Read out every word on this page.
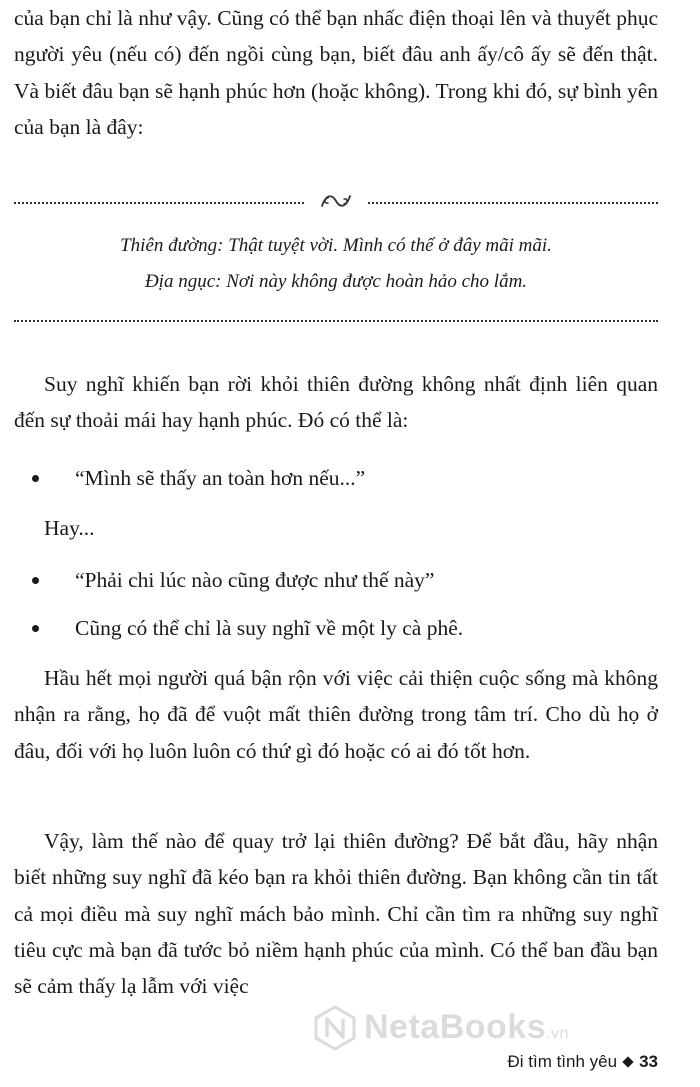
của bạn chỉ là như vậy. Cũng có thể bạn nhấc điện thoại lên và thuyết phục người yêu (nếu có) đến ngồi cùng bạn, biết đâu anh ấy/cô ấy sẽ đến thật. Và biết đâu bạn sẽ hạnh phúc hơn (hoặc không). Trong khi đó, sự bình yên của bạn là đây:

Thiên đường: Thật tuyệt vời. Mình có thể ở đây mãi mãi.

Địa ngục: Nơi này không được hoàn hảo cho lắm.

Suy nghĩ khiến bạn rời khỏi thiên đường không nhất định liên quan đến sự thoải mái hay hạnh phúc. Đó có thể là:

“Mình sẽ thấy an toàn hơn nếu...”
Hay...
“Phải chi lúc nào cũng được như thế này”
Cũng có thể chỉ là suy nghĩ về một ly cà phê.

Hầu hết mọi người quá bận rộn với việc cải thiện cuộc sống mà không nhận ra rằng, họ đã để vuột mất thiên đường trong tâm trí. Cho dù họ ở đâu, đối với họ luôn luôn có thứ gì đó hoặc có ai đó tốt hơn.

Vậy, làm thế nào để quay trở lại thiên đường? Để bắt đầu, hãy nhận biết những suy nghĩ đã kéo bạn ra khỏi thiên đường. Bạn không cần tin tất cả mọi điều mà suy nghĩ mách bảo mình. Chỉ cần tìm ra những suy nghĩ tiêu cực mà bạn đã tước bỏ niềm hạnh phúc của mình. Có thể ban đầu bạn sẽ cảm thấy lạ lẫm với việc

NetaBooks.vn
Đi tìm tình yêu 33
